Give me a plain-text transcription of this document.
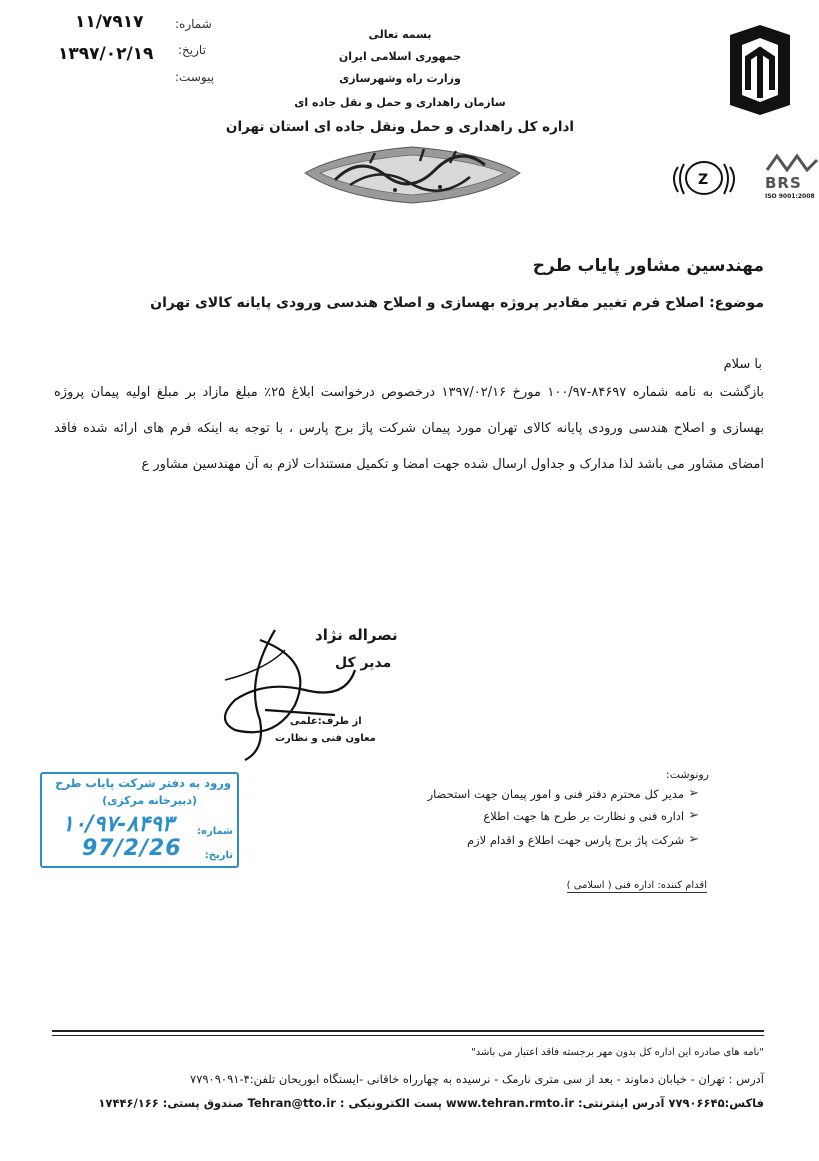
شماره:
۱۱/۷۹۱۷
تاریخ:
۱۳۹۷/۰۲/۱۹
پیوست:
بسمه تعالی
جمهوری اسلامی ایران
وزارت راه وشهرسازی
سازمان راهداری و حمل و نقل جاده ای
اداره کل راهداری و حمل ونقل جاده ای استان تهران
Z	BRS
ISO 9001:2008
مهندسین مشاور پایاب طرح
موضوع: اصلاح فرم تغییر مقادیر پروژه بهسازی و اصلاح هندسی ورودی پایانه کالای تهران
با سلام
بازگشت به نامه شماره ۸۴۶۹۷-۱۰۰/۹۷ مورخ ۱۳۹۷/۰۲/۱۶ درخصوص درخواست ابلاغ ۲۵٪ مبلغ مازاد بر مبلغ اولیه پیمان پروژه بهسازی و اصلاح هندسی ورودی پایانه کالای تهران مورد پیمان شرکت پاژ برج پارس ، با توجه به اینکه فرم های ارائه شده فاقد امضای مشاور می باشد لذا مدارک و جداول ارسال شده جهت امضا و تکمیل مستندات لازم به آن مهندسین مشاور ع
نصراله نژاد
مدیر کل
از طرف:علمی
معاون فنی و نظارت
رونوشت:
➢
مدیر کل محترم دفتر فنی و امور پیمان جهت استحضار
➢
اداره فنی و نظارت بر طرح ها جهت اطلاع
➢
شرکت پاژ برج پارس جهت اطلاع و اقدام لازم
اقدام کننده: اداره فنی ( اسلامی )
ورود به دفتر شرکت پایاب طرح
(دبیرخانه مرکزی)
شماره:
تاریخ:
۱۰/۹۷-۸۴۹۳
97/2/26
"نامه های صادره این اداره کل بدون مهر برجسته فاقد اعتبار می باشد"
آدرس : تهران - خیابان دماوند - بعد از سی متری نارمک - نرسیده به چهارراه خاقانی -ایستگاه ابوریحان تلفن:۴-۷۷۹۰۹۰۹۱
فاکس:۷۷۹۰۶۶۴۵ آدرس اینترنتی: www.tehran.rmto.ir پست الکترونیکی : Tehran@tto.ir صندوق پستی: ۱۷۴۴۶/۱۶۶
